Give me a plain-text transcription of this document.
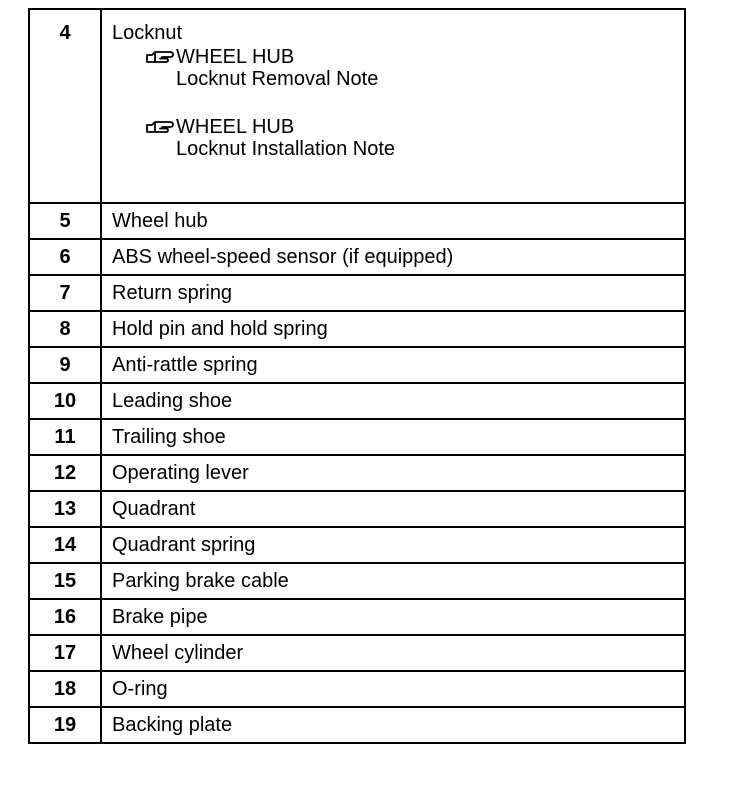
4	Locknut
WHEEL HUB
Locknut Removal Note
WHEEL HUB
Locknut Installation Note

5	Wheel hub
6	ABS wheel-speed sensor (if equipped)
7	Return spring
8	Hold pin and hold spring
9	Anti-rattle spring
10	Leading shoe
11	Trailing shoe
12	Operating lever
13	Quadrant
14	Quadrant spring
15	Parking brake cable
16	Brake pipe
17	Wheel cylinder
18	O-ring
19	Backing plate
